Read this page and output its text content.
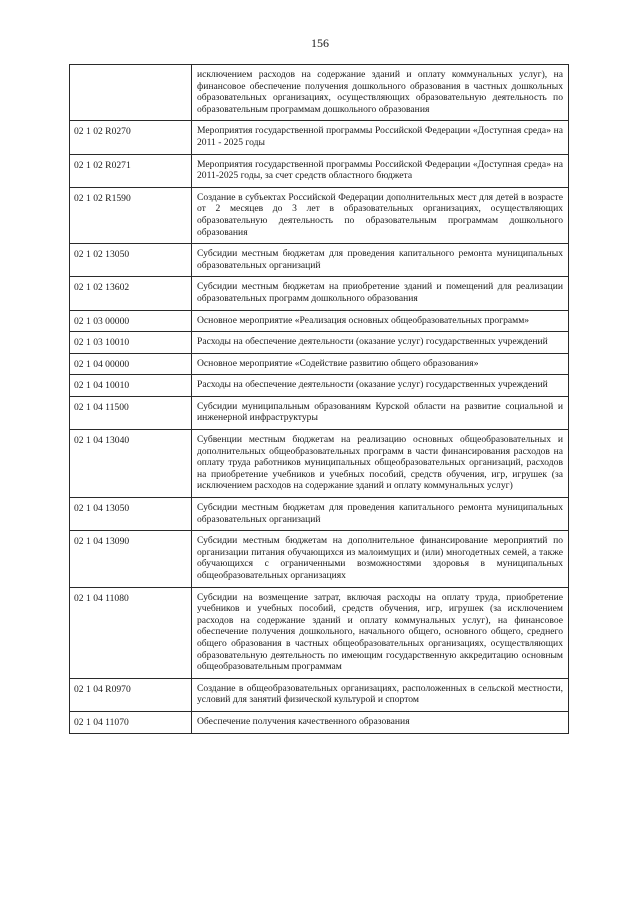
156
	исключением расходов на содержание зданий и оплату коммунальных услуг), на финансовое обеспечение получения дошкольного образования в частных дошкольных образовательных организациях, осуществляющих образовательную деятельность по образовательным программам дошкольного образования
02 1 02 R0270	Мероприятия государственной программы Российской Федерации «Доступная среда» на 2011 - 2025 годы
02 1 02 R0271	Мероприятия государственной программы Российской Федерации «Доступная среда» на 2011-2025 годы, за счет средств областного бюджета
02 1 02 R1590	Создание в субъектах Российской Федерации дополнительных мест для детей в возрасте от 2 месяцев до 3 лет в образовательных организациях, осуществляющих образовательную деятельность по образовательным программам дошкольного образования
02 1 02 13050	Субсидии местным бюджетам для проведения капитального ремонта муниципальных образовательных организаций
02 1 02 13602	Субсидии местным бюджетам на приобретение зданий и помещений для реализации образовательных программ дошкольного образования
02 1 03 00000	Основное мероприятие «Реализация основных общеобразовательных программ»
02 1 03 10010	Расходы на обеспечение деятельности (оказание услуг) государственных учреждений
02 1 04 00000	Основное мероприятие «Содействие развитию общего образования»
02 1 04 10010	Расходы на обеспечение деятельности (оказание услуг) государственных учреждений
02 1 04 11500	Субсидии муниципальным образованиям Курской области на развитие социальной и инженерной инфраструктуры
02 1 04 13040	Субвенции местным бюджетам на реализацию основных общеобразовательных и дополнительных общеобразовательных программ в части финансирования расходов на оплату труда работников муниципальных общеобразовательных организаций, расходов на приобретение учебников и учебных пособий, средств обучения, игр, игрушек (за исключением расходов на содержание зданий и оплату коммунальных услуг)
02 1 04 13050	Субсидии местным бюджетам для проведения капитального ремонта муниципальных образовательных организаций
02 1 04 13090	Субсидии местным бюджетам на дополнительное финансирование мероприятий по организации питания обучающихся из малоимущих и (или) многодетных семей, а также обучающихся с ограниченными возможностями здоровья в муниципальных общеобразовательных организациях
02 1 04 11080	Субсидии на возмещение затрат, включая расходы на оплату труда, приобретение учебников и учебных пособий, средств обучения, игр, игрушек (за исключением расходов на содержание зданий и оплату коммунальных услуг), на финансовое обеспечение получения дошкольного, начального общего, основного общего, среднего общего образования в частных общеобразовательных организациях, осуществляющих образовательную деятельность по имеющим государственную аккредитацию основным общеобразовательным программам
02 1 04 R0970	Создание в общеобразовательных организациях, расположенных в сельской местности, условий для занятий физической культурой и спортом
02 1 04 11070	Обеспечение получения качественного образования
